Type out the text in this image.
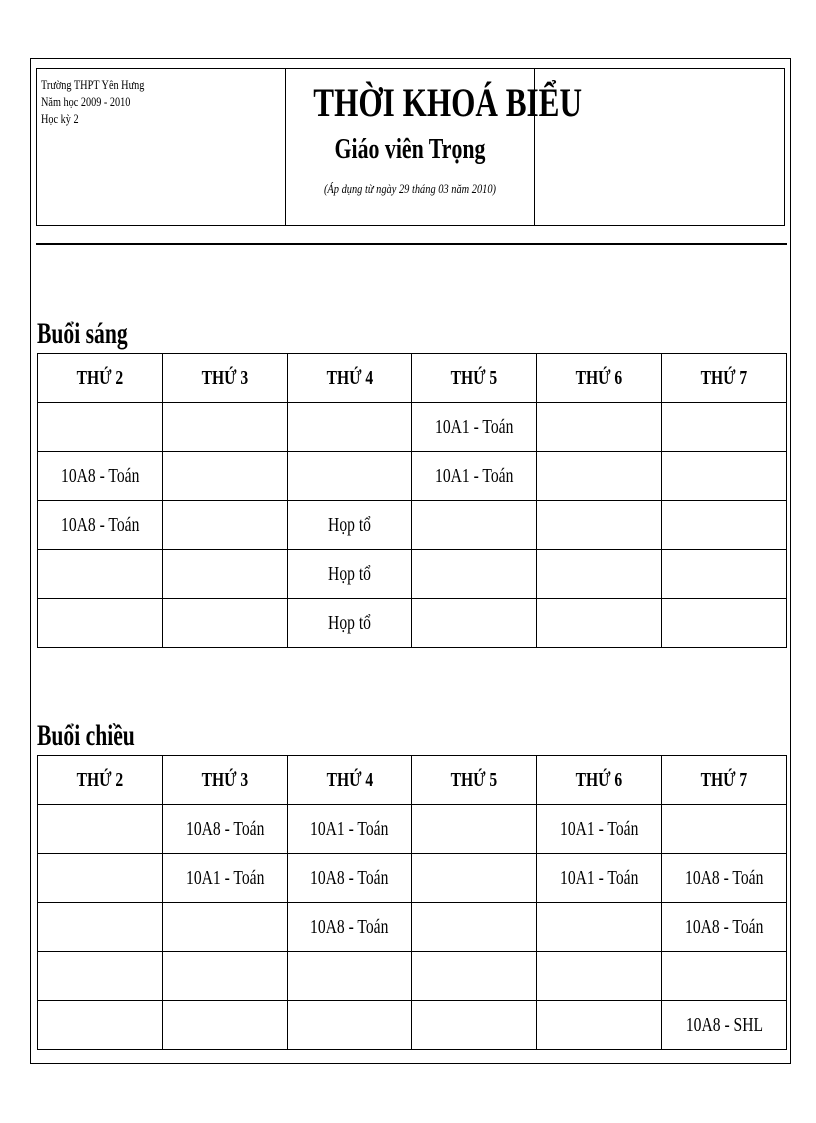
Trường THPT Yên Hưng
Năm học 2009 - 2010
Học kỳ 2	THỜI KHOÁ BIỂU
Giáo viên Trọng
(Áp dụng từ ngày 29 tháng 03 năm 2010)
Buổi sáng
THỨ 2	THỨ 3	THỨ 4	THỨ 5	THỨ 6	THỨ 7
			10A1 - Toán		
10A8 - Toán			10A1 - Toán		
10A8 - Toán		Họp tổ			
		Họp tổ			
		Họp tổ			
Buổi chiều
THỨ 2	THỨ 3	THỨ 4	THỨ 5	THỨ 6	THỨ 7
	10A8 - Toán	10A1 - Toán		10A1 - Toán	
	10A1 - Toán	10A8 - Toán		10A1 - Toán	10A8 - Toán
		10A8 - Toán			10A8 - Toán

					10A8 - SHL
